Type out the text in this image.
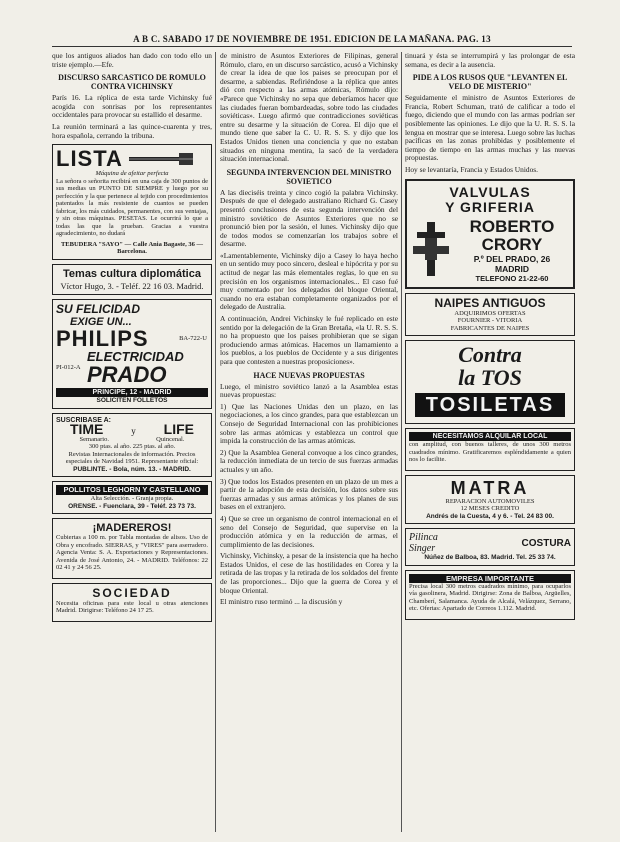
A B C. SABADO 17 DE NOVIEMBRE DE 1951. EDICION DE LA MAÑANA. PAG. 13

que los antiguos aliados han dado con todo ello un triste ejemplo.—Efe.

DISCURSO SARCASTICO DE ROMULO CONTRA VICHINSKY

París 16. La réplica de esta tarde Vichinsky fué acogida con sonrisas por los representantes occidentales para provocar su estallido el desarme.

La reunión terminará a las quince-cuarenta y tres, hora española, cerrando la tribuna.

LISTA
Máquina de afeitar perfecta

La señora o señorita recibirá en una caja de 300 puntos de sus medias un PUNTO DE SIEMPRE y luego por su perfección y la que pertenece al tejido con procedimientos patentados la más resistente de cuantos se pueden fabricar, los más cuidados, permanentes, con sus ventajas, y sin otras máquinas. PESETAS. Le ocurrirá lo que a todas las que la prueban. Gracias a vuestra agradecimiento, no dudará

TEBUDERA "SAYO" — Calle Ania Bagaste, 36 — Barcelona.
Temas cultura diplomática
Víctor Hugo, 3. - Teléf. 22 16 03. Madrid.
SU FELICIDAD
EXIGE UN...
PHILIPS	BA-722-U
PI-012-A
ELECTRICIDAD
PRADO
PRINCIPE, 12 - MADRID
SOLICITEN FOLLETOS
SUSCRIBASE A:
TIME	y LIFE
Semanario.	Quincenal.
300 ptas. al año. 225 ptas. al año.
Revistas Internacionales de información. Precios especiales de Navidad 1951. Representante oficial:
PUBLINTE. - Bola, núm. 13. - MADRID.
POLLITOS LEGHORN Y CASTELLANO
Alta Selección. - Granja propia.
ORENSE. - Fuenclara, 39 - Teléf. 23 73 73.
¡MADEREROS!

Cubiertas a 100 m. por Tabla montadas de alisos. Uso de Obra y encofrado. SIERRAS, y "VIRES" para aserradero. Agencia Venta: S. A. Exportaciones y Representaciones. Avenida de José Antonio, 24. - MADRID. Teléfonos: 22 02 41 y 24 56 25.

SOCIEDAD

Necesita oficinas para este local u otras atenciones Madrid. Dirigirse: Teléfono 24 17 25.

de ministro de Asuntos Exteriores de Filipinas, general Rómulo, claro, en un discurso sarcástico, acusó a Vichinsky de crear la idea de que los paises se preocupan por el desarme, a sabiendas. Refiriéndose a la réplica que antes dió con respecto a las armas atómicas, Rómulo dijo: «Parece que Vichinsky no sepa que deberíamos hacer que las ciudades fueran bombardeadas, sobre todo las ciudades soviéticas». Luego afirmó que contradicciones soviéticas entre su desarme y la situación de Corea. El dijo que el mundo tiene que saber la C. U. R. S. S. y dijo que los Estados Unidos tienen una conciencia y que no estaban situados en ninguna mentira, la sacó de la verdadera situación internacional.

SEGUNDA INTERVENCION DEL MINISTRO SOVIETICO

A las dieciséis treinta y cinco cogió la palabra Vichinsky. Después de que el delegado australiano Richard G. Casey presentó conclusiones de esta segunda intervención del ministro soviético de Asuntos Exteriores que no se pronunció bien por la sesión, el lunes. Vichinsky dijo que de todos modos se comenzarían los trabajos sobre el desarme.

«Lamentablemente, Vichinsky dijo a Casey lo haya hecho en un sentido muy poco sincero, desleal e hipócrita y por su actitud de negar las más elementales reglas, lo que en su precisión en los organismos internacionales... El caso fué muy comentado por los delegados del bloque Oriental, cuando no era estaban completamente organizados por el delegado de Australia.

A continuación, Andrei Vichinsky le fué replicado en este sentido por la delegación de la Gran Bretaña, «la U. R. S. S. no ha propuesto que los paises prohibieran que se sigan produciendo armas atómicas. Hacemos un llamamiento a los pueblos, a los pueblos de Occidente y a sus dirigentes para que contesten a nuestras proposiciones».

HACE NUEVAS PROPUESTAS

Luego, el ministro soviético lanzó a la Asamblea estas nuevas propuestas:

1) Que las Naciones Unidas den un plazo, en las negociaciones, a los cinco grandes, para que establezcan un Consejo de Seguridad Internacional con las prohibiciones sobre las armas atómicas y establezca un control que impida la construcción de las armas atómicas.

2) Que la Asamblea General convoque a los cinco grandes, la reducción inmediata de un tercio de sus fuerzas armadas actuales y un año.

3) Que todos los Estados presenten en un plazo de un mes a partir de la adopción de esta decisión, los datos sobre sus fuerzas armadas y sus armas atómicas y los planes de sus bases en el extranjero.

4) Que se cree un organismo de control internacional en el seno del Consejo de Seguridad, que supervise en la producción atómica y en la reducción de armas, el cumplimiento de las decisiones.

Vichinsky, Vichinsky, a pesar de la insistencia que ha hecho Estados Unidos, el cese de las hostilidades en Corea y la retirada de las tropas y la retirada de los soldados del frente de las proporciones... Dijo que la guerra de Corea y el bloque Oriental.

El ministro ruso terminó ... la discusión y

tinuará y ésta se interrumpirá y las prolongar de esta semana, es decir a la ausencia.

PIDE A LOS RUSOS QUE "LEVANTEN EL VELO DE MISTERIO"

Seguidamente el ministro de Asuntos Exteriores de Francia, Robert Schuman, trató de calificar a todo el fuego, diciendo que el mundo con las armas podrían ser posiblemente las opiniones. Le dijo que la U. R. S. S. la lengua en mostrar que se interesa. Luego sobre las luchas pacíficas en las zonas prohibidas y posiblemente el tiempo de tiempo en las armas muchas y las nuevas propuestas.

Hoy se levantaría, Francia y Estados Unidos.

VALVULAS
Y GRIFERIA
ROBERTO
CRORY
P.º DEL PRADO, 26
MADRID
TELEFONO 21-22-60
NAIPES ANTIGUOS
ADQUIRIMOS OFERTAS
FOURNIER - VITORIA
FABRICANTES DE NAIPES
Contra
la TOS
TOSILETAS
NECESITAMOS ALQUILAR LOCAL

con amplitud, con buenos talleres, de unos 300 metros cuadrados mínimo. Gratificaremos espléndidamente a quien nos lo facilite.

MATRA
REPARACION AUTOMOVILES
12 MESES CREDITO
Andrés de la Cuesta, 4 y 6. - Tel. 24 83 00.
Pilinca Singer	COSTURA
Núñez de Balboa, 83. Madrid. Tel. 25 33 74.
EMPRESA IMPORTANTE

Precisa local 300 metros cuadrados mínimo, para ocuparlos vía gasolinera, Madrid. Dirigirse: Zona de Balboa, Argüelles, Chamberí, Salamanca. Ayuda de Alcalá, Velázquez, Serrano, etc. Ofertas: Apartado de Correos 1.112. Madrid.
